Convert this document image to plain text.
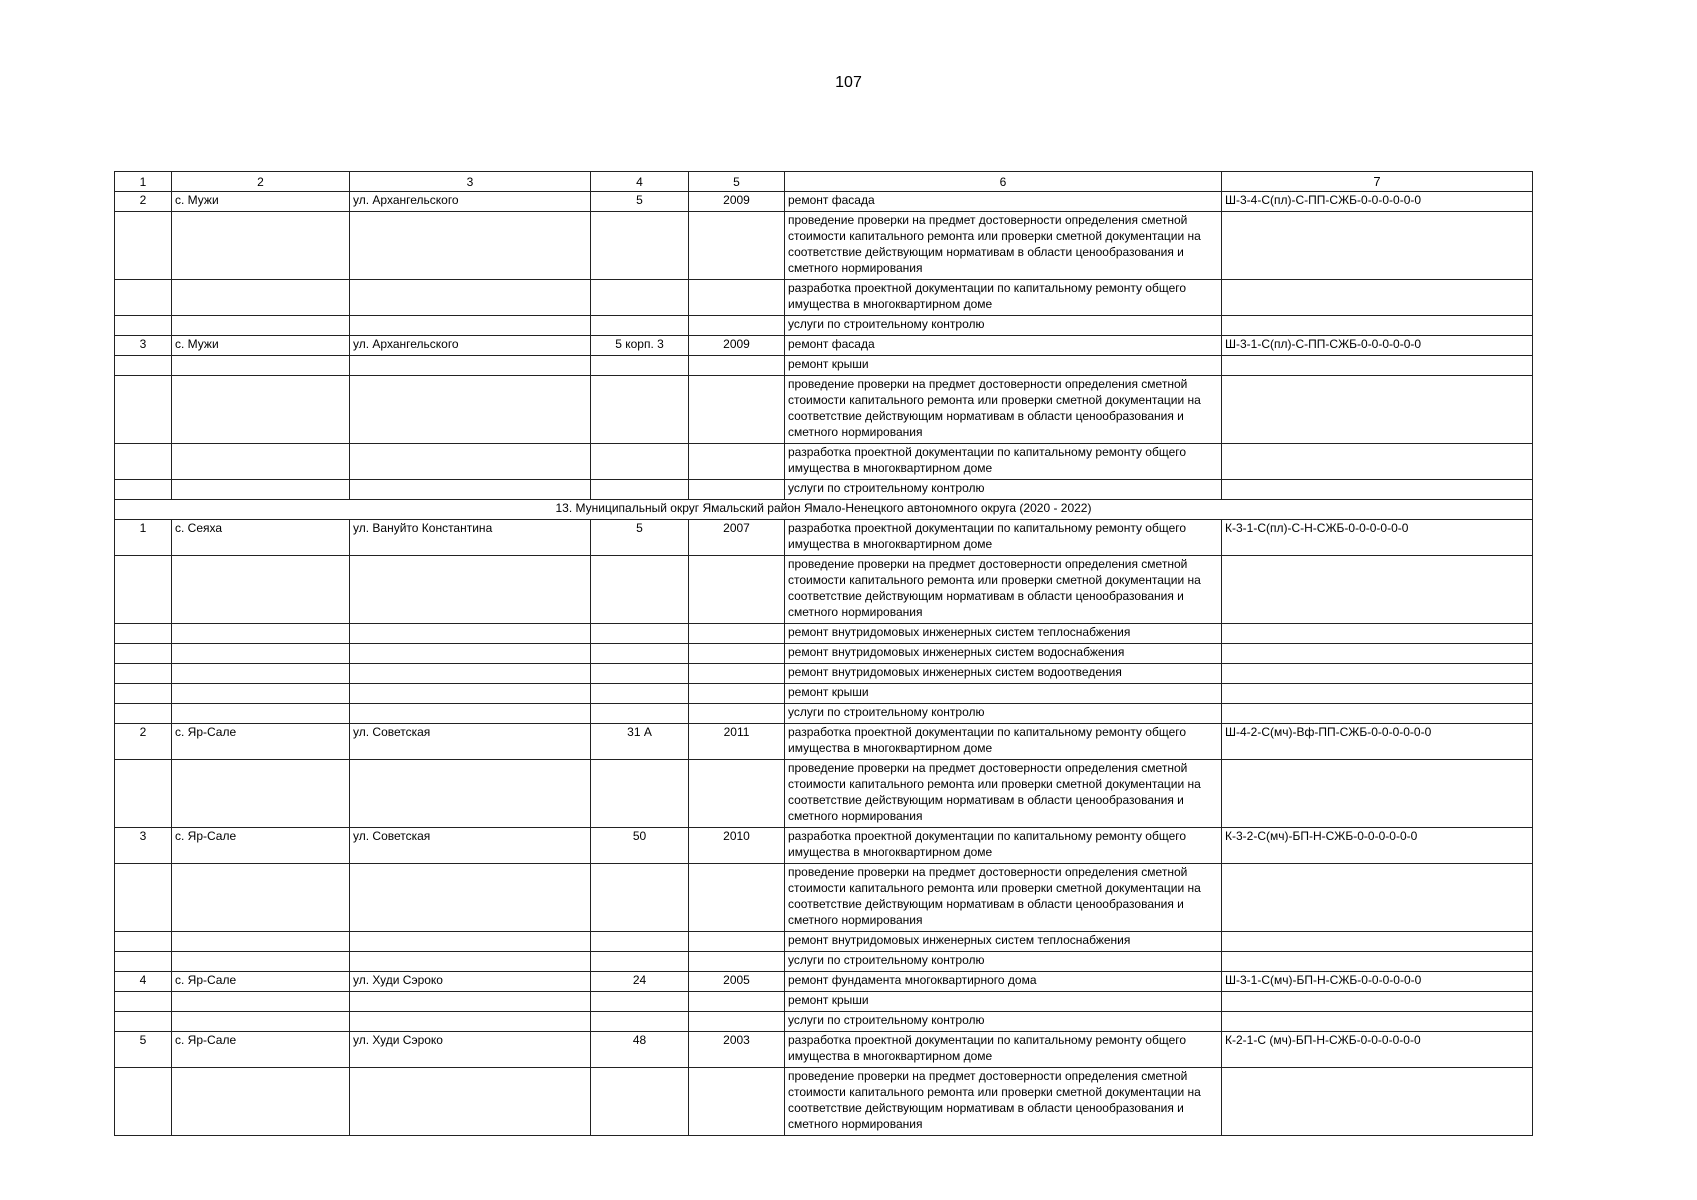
107
1	2	3	4	5	6	7
2	с. Мужи	ул. Архангельского	5	2009	ремонт фасада	Ш-3-4-С(пл)-С-ПП-СЖБ-0-0-0-0-0-0
					проведение проверки на предмет достоверности определения сметной стоимости капитального ремонта или проверки сметной документации на соответствие действующим нормативам в области ценообразования и сметного нормирования	
					разработка проектной документации по капитальному ремонту общего имущества в многоквартирном доме	
					услуги по строительному контролю	
3	с. Мужи	ул. Архангельского	5 корп. 3	2009	ремонт фасада	Ш-3-1-С(пл)-С-ПП-СЖБ-0-0-0-0-0-0
					ремонт крыши	
					проведение проверки на предмет достоверности определения сметной стоимости капитального ремонта или проверки сметной документации на соответствие действующим нормативам в области ценообразования и сметного нормирования	
					разработка проектной документации по капитальному ремонту общего имущества в многоквартирном доме	
					услуги по строительному контролю	
13. Муниципальный округ Ямальский район Ямало-Ненецкого автономного округа (2020 - 2022)						
1	с. Сеяха	ул. Вануйто Константина	5	2007	разработка проектной документации по капитальному ремонту общего имущества в многоквартирном доме	К-3-1-С(пл)-С-Н-СЖБ-0-0-0-0-0-0
					проведение проверки на предмет достоверности определения сметной стоимости капитального ремонта или проверки сметной документации на соответствие действующим нормативам в области ценообразования и сметного нормирования	
					ремонт внутридомовых инженерных систем теплоснабжения	
					ремонт внутридомовых инженерных систем водоснабжения	
					ремонт внутридомовых инженерных систем водоотведения	
					ремонт крыши	
					услуги по строительному контролю	
2	с. Яр-Сале	ул. Советская	31 А	2011	разработка проектной документации по капитальному ремонту общего имущества в многоквартирном доме	Ш-4-2-С(мч)-Вф-ПП-СЖБ-0-0-0-0-0-0
					проведение проверки на предмет достоверности определения сметной стоимости капитального ремонта или проверки сметной документации на соответствие действующим нормативам в области ценообразования и сметного нормирования	
3	с. Яр-Сале	ул. Советская	50	2010	разработка проектной документации по капитальному ремонту общего имущества в многоквартирном доме	К-3-2-С(мч)-БП-Н-СЖБ-0-0-0-0-0-0
					проведение проверки на предмет достоверности определения сметной стоимости капитального ремонта или проверки сметной документации на соответствие действующим нормативам в области ценообразования и сметного нормирования	
					ремонт внутридомовых инженерных систем теплоснабжения	
					услуги по строительному контролю	
4	с. Яр-Сале	ул. Худи Сэроко	24	2005	ремонт фундамента многоквартирного дома	Ш-3-1-С(мч)-БП-Н-СЖБ-0-0-0-0-0-0
					ремонт крыши	
					услуги по строительному контролю	
5	с. Яр-Сале	ул. Худи Сэроко	48	2003	разработка проектной документации по капитальному ремонту общего имущества в многоквартирном доме	К-2-1-С (мч)-БП-Н-СЖБ-0-0-0-0-0-0
					проведение проверки на предмет достоверности определения сметной стоимости капитального ремонта или проверки сметной документации на соответствие действующим нормативам в области ценообразования и сметного нормирования	
